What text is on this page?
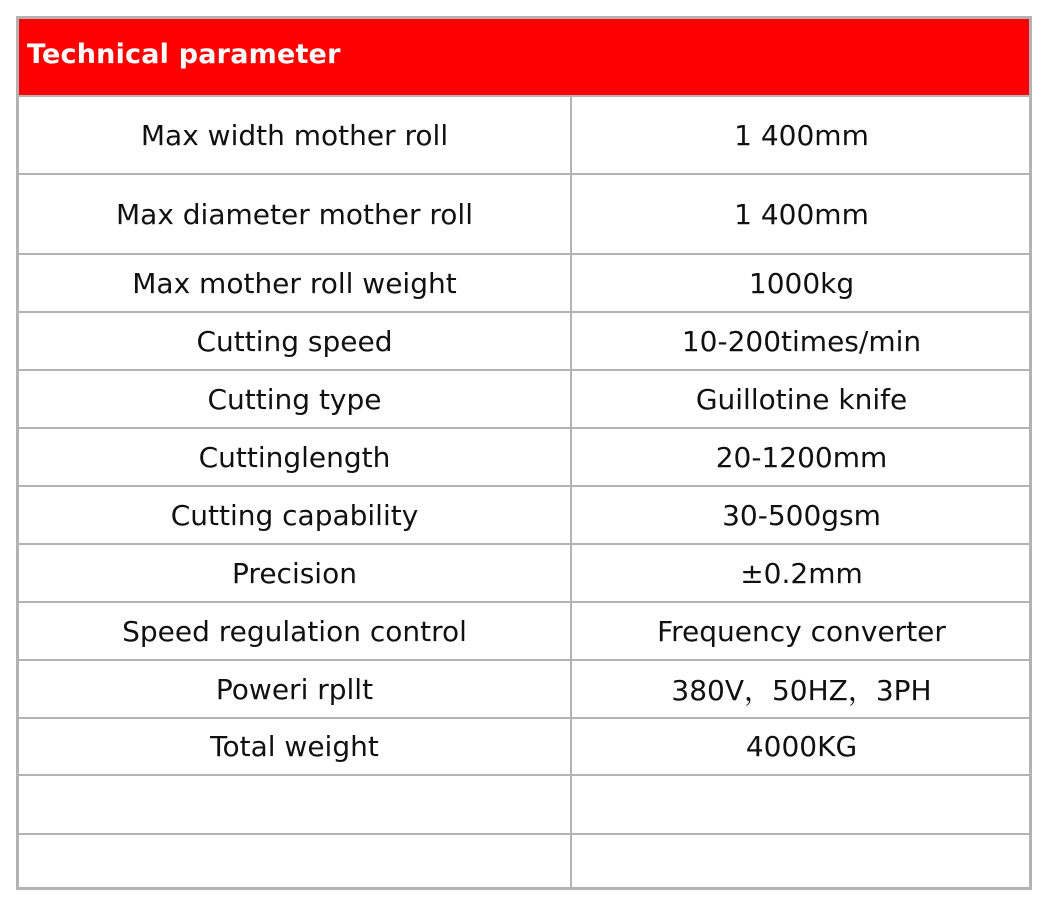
Technical parameter
Max width mother roll	1 400mm
Max diameter mother roll	1 400mm
Max mother roll weight	1000kg
Cutting speed	10-200times/min
Cutting type	Guillotine knife
Cuttinglength	20-1200mm
Cutting capability	30-500gsm
Precision	±0.2mm
Speed regulation control	Frequency converter
Poweri rpllt	380V，50HZ，3PH
Total weight	4000KG
